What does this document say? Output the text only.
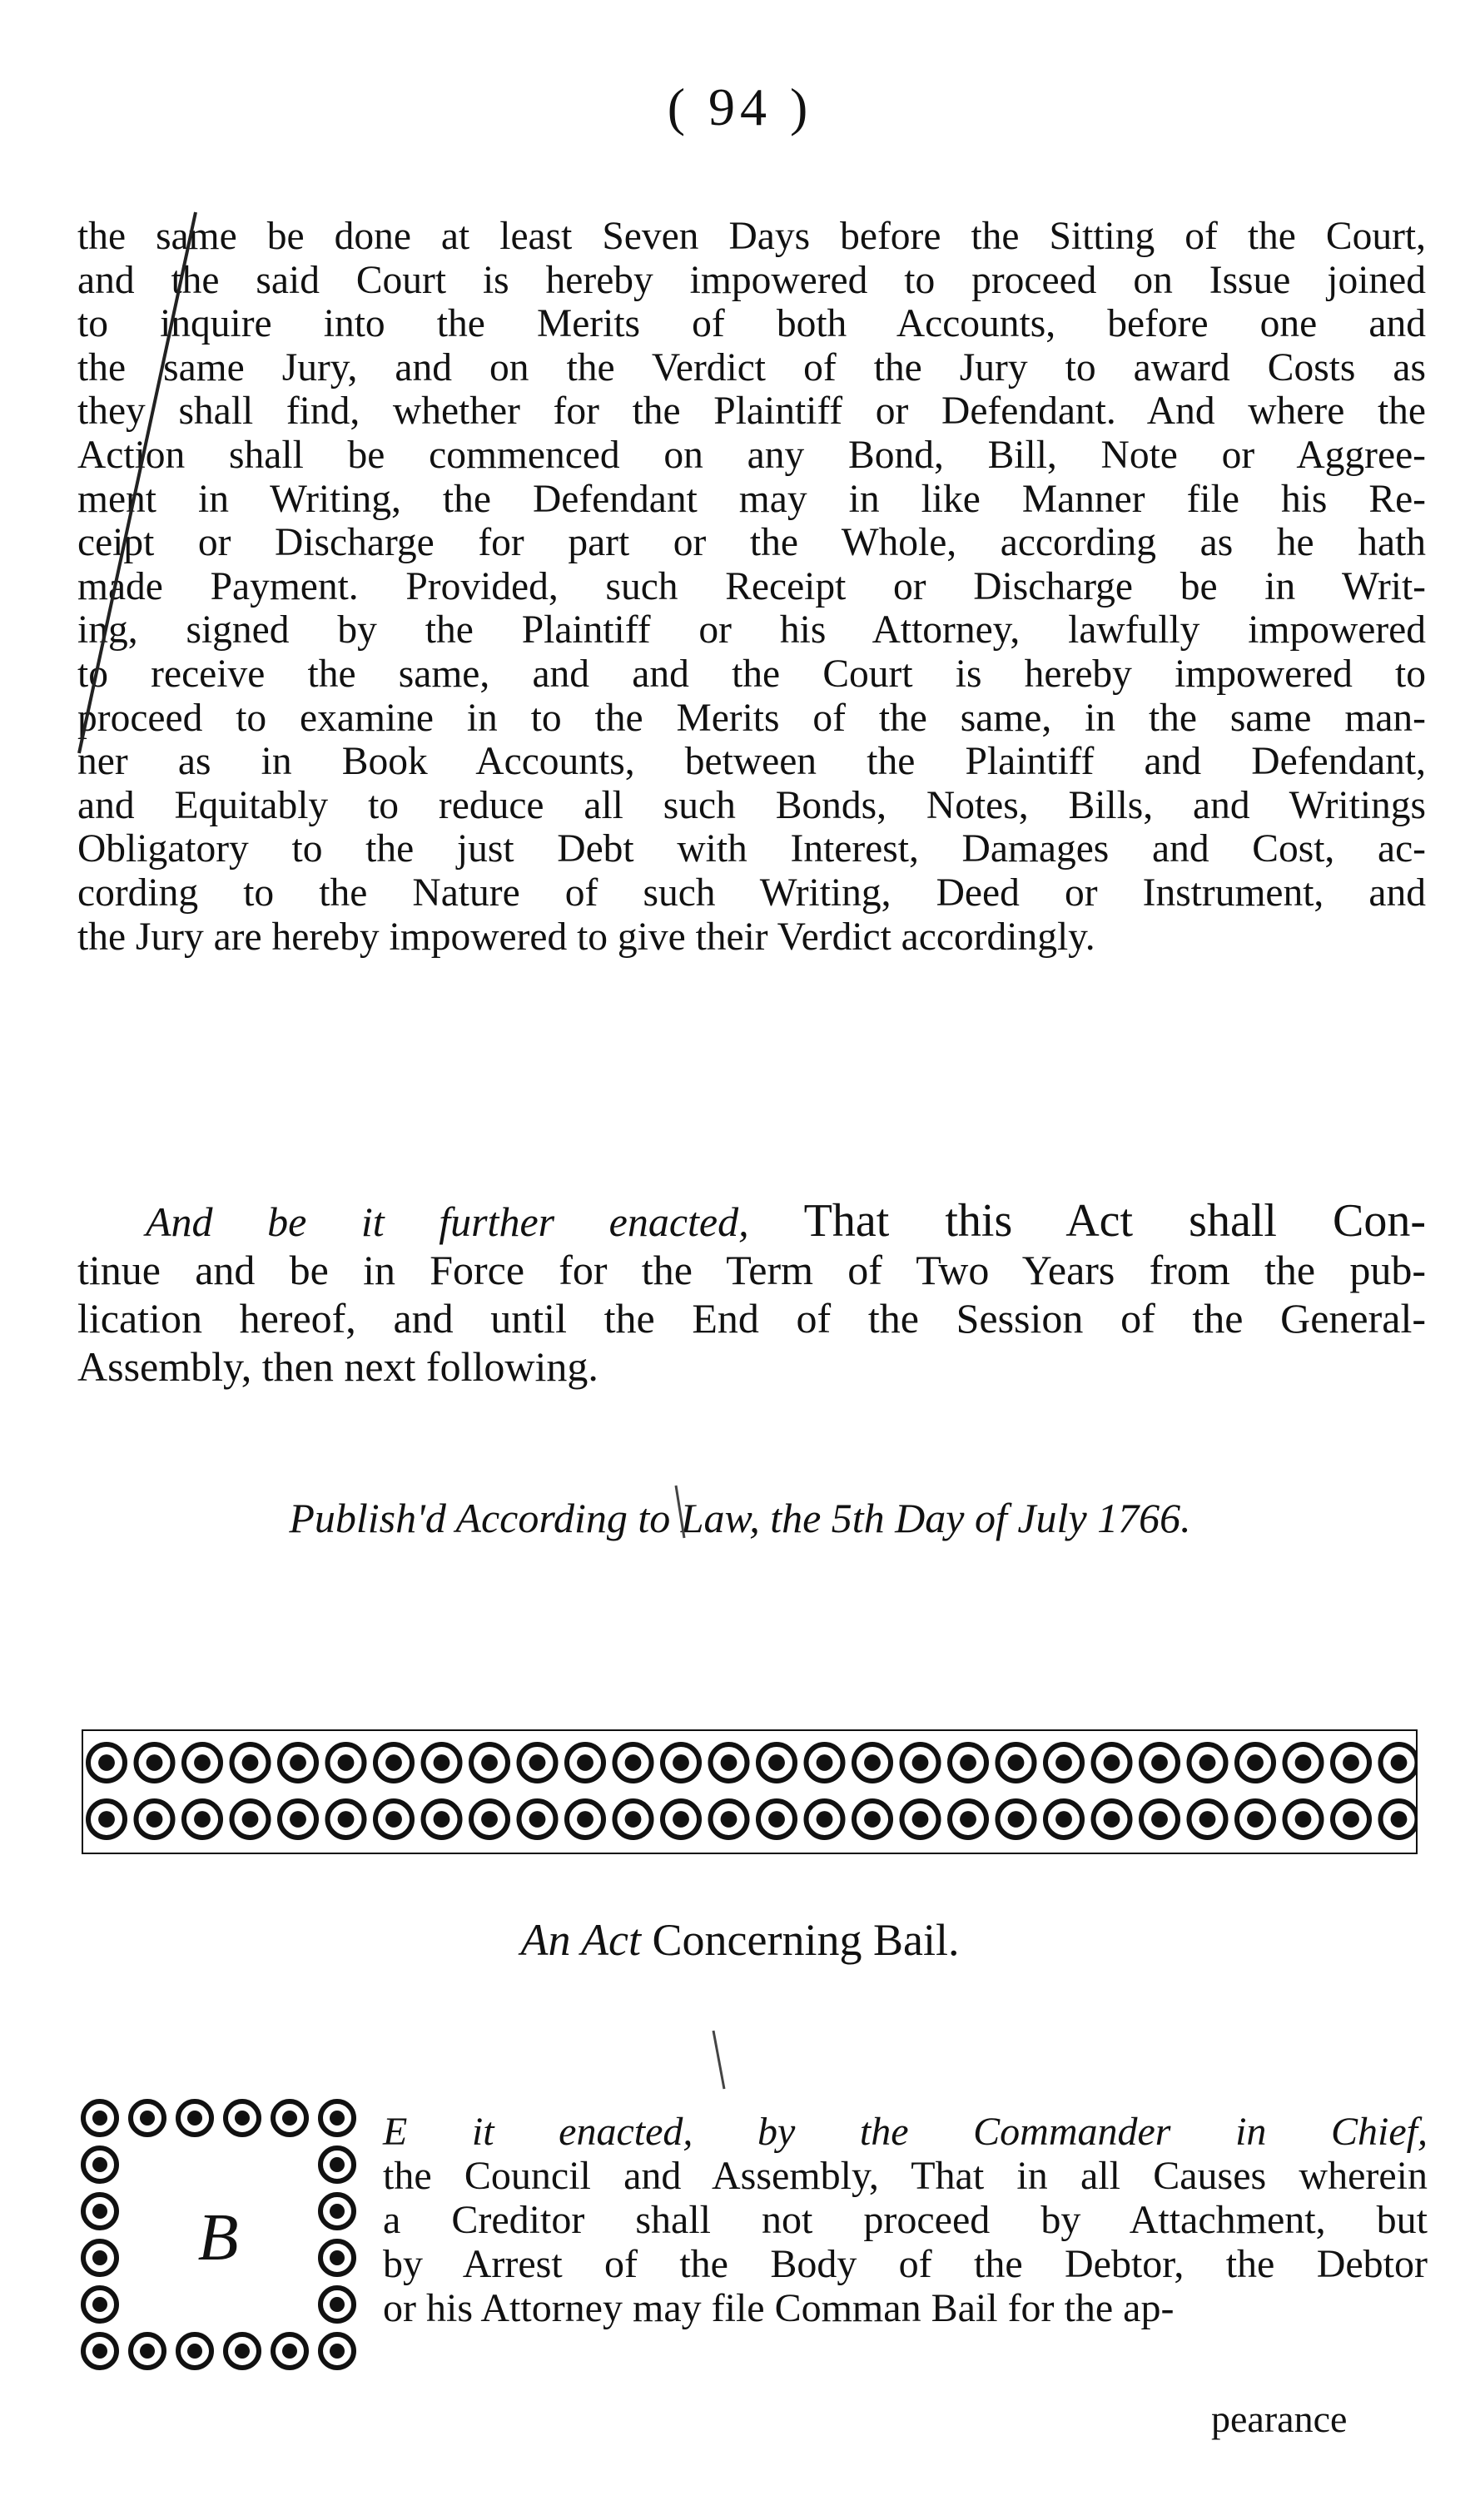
( 94 )
the same be done at least Seven Days before the Sitting of the Court,
and the said Court is hereby impowered to proceed on Issue joined
to inquire into the Merits of both Accounts, before one and
the same Jury, and on the Verdict of the Jury to award Costs as
they shall find, whether for the Plaintiff or Defendant. And where the
Action shall be commenced on any Bond, Bill, Note or Aggree-
ment in Writing, the Defendant may in like Manner file his Re-
ceipt or Discharge for part or the Whole, according as he hath
made Payment. Provided, such Receipt or Discharge be in Writ-
ing, signed by the Plaintiff or his Attorney, lawfully impowered
to receive the same, and and the Court is hereby impowered to
proceed to examine in to the Merits of the same, in the same man-
ner as in Book Accounts, between the Plaintiff and Defendant,
and Equitably to reduce all such Bonds, Notes, Bills, and Writings
Obligatory to the just Debt with Interest, Damages and Cost, ac-
cording to the Nature of such Writing, Deed or Instrument, and
the Jury are hereby impowered to give their Verdict accordingly.
And be it further enacted, That this Act shall Con-
tinue and be in Force for the Term of Two Years from the pub-
lication hereof, and until the End of the Session of the General-
Assembly, then next following.
Publish'd According to Law, the 5th Day of July 1766.
An Act Concerning Bail.
B
E it enacted, by the Commander in Chief,
the Council and Assembly, That in all Causes wherein
a Creditor shall not proceed by Attachment, but
by Arrest of the Body of the Debtor, the Debtor
or his Attorney may file Comman Bail for the ap-
pearance
